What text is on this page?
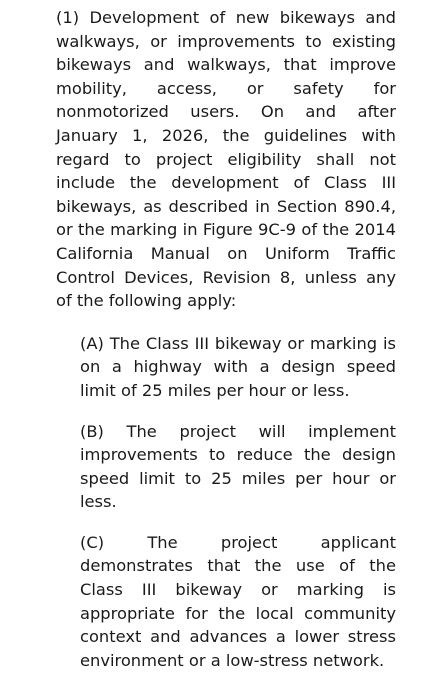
(1) Development of new bikeways and walkways, or improvements to existing bikeways and walkways, that improve mobility, access, or safety for nonmotorized users. On and after January 1, 2026, the guidelines with regard to project eligibility shall not include the development of Class III bikeways, as described in Section 890.4, or the marking in Figure 9C-9 of the 2014 California Manual on Uniform Traffic Control Devices, Revision 8, unless any of the following apply:

(A) The Class III bikeway or marking is on a highway with a design speed limit of 25 miles per hour or less.

(B) The project will implement improvements to reduce the design speed limit to 25 miles per hour or less.

(C) The project applicant demonstrates that the use of the Class III bikeway or marking is appropriate for the local community context and advances a lower stress environment or a low-stress network.
